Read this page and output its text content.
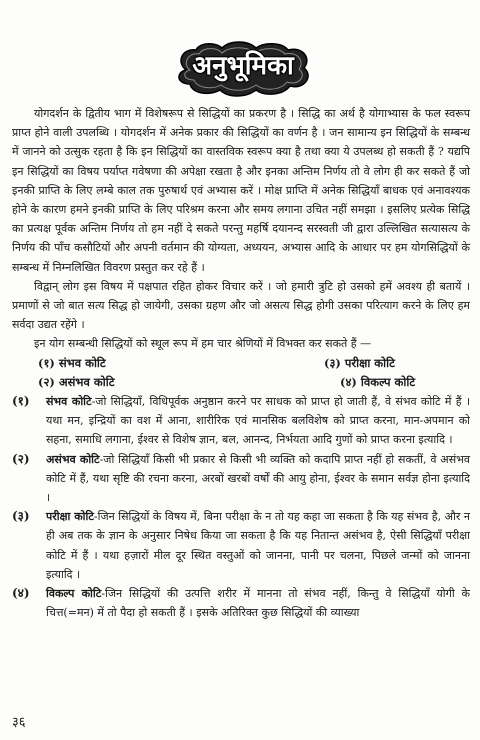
अनुभूमिका

योगदर्शन के द्वितीय भाग में विशेषरूप से सिद्धियों का प्रकरण है । सिद्धि का अर्थ है योगाभ्यास के फल स्वरूप प्राप्त होने वाली उपलब्धि । योगदर्शन में अनेक प्रकार की सिद्धियों का वर्णन है । जन सामान्य इन सिद्धियों के सम्बन्ध में जानने को उत्सुक रहता है कि इन सिद्धियों का वास्तविक स्वरूप क्या है तथा क्या ये उपलब्ध हो सकती हैं ? यद्यपि इन सिद्धियों का विषय पर्याप्त गवेषणा की अपेक्षा रखता है और इनका अन्तिम निर्णय तो वे लोग ही कर सकते हैं जो इनकी प्राप्ति के लिए लम्बे काल तक पुरुषार्थ एवं अभ्यास करें । मोक्ष प्राप्ति में अनेक सिद्धियाँ बाधक एवं अनावश्यक होने के कारण हमने इनकी प्राप्ति के लिए परिश्रम करना और समय लगाना उचित नहीं समझा । इसलिए प्रत्येक सिद्धि का प्रत्यक्ष पूर्वक अन्तिम निर्णय तो हम नहीं दे सकते परन्तु महर्षि दयानन्द सरस्वती जी द्वारा उल्लिखित सत्यासत्य के निर्णय की पाँच कसौटियों और अपनी वर्तमान की योग्यता, अध्ययन, अभ्यास आदि के आधार पर हम योगसिद्धियों के सम्बन्ध में निम्नलिखित विवरण प्रस्तुत कर रहे हैं ।

विद्वान् लोग इस विषय में पक्षपात रहित होकर विचार करें । जो हमारी त्रुटि हो उसको हमें अवश्य ही बतायें । प्रमाणों से जो बात सत्य सिद्ध हो जायेगी, उसका ग्रहण और जो असत्य सिद्ध होगी उसका परित्याग करने के लिए हम सर्वदा उद्यत रहेंगे ।

इन योग सम्बन्धी सिद्धियों को स्थूल रूप में हम चार श्रेणियों में विभक्त कर सकते हैं —

(१) संभव कोटि	(३) परीक्षा कोटि
(२) असंभव कोटि	(४) विकल्प कोटि
(१)	संभव कोटि-जो सिद्धियाँ, विधिपूर्वक अनुष्ठान करने पर साधक को प्राप्त हो जाती हैं, वे संभव कोटि में हैं । यथा मन, इन्द्रियों का वश में आना, शारीरिक एवं मानसिक बलविशेष को प्राप्त करना, मान-अपमान को सहना, समाधि लगाना, ईश्वर से विशेष ज्ञान, बल, आनन्द, निर्भयता आदि गुणों को प्राप्त करना इत्यादि ।

(२)	असंभव कोटि-जो सिद्धियाँ किसी भी प्रकार से किसी भी व्यक्ति को कदापि प्राप्त नहीं हो सकतीं, वे असंभव कोटि में हैं, यथा सृष्टि की रचना करना, अरबों खरबों वर्षों की आयु होना, ईश्वर के समान सर्वज्ञ होना इत्यादि ।

(३)	परीक्षा कोटि-जिन सिद्धियों के विषय में, बिना परीक्षा के न तो यह कहा जा सकता है कि यह संभव है, और न ही अब तक के ज्ञान के अनुसार निषेध किया जा सकता है कि यह नितान्त असंभव है, ऐसी सिद्धियाँ परीक्षा कोटि में हैं । यथा हज़ारों मील दूर स्थित वस्तुओं को जानना, पानी पर चलना, पिछले जन्मों को जानना इत्यादि ।

(४)	विकल्प कोटि-जिन सिद्धियों की उत्पत्ति शरीर में मानना तो संभव नहीं, किन्तु वे सिद्धियाँ योगी के चित्त(=मन) में तो पैदा हो सकती हैं । इसके अतिरिक्त कुछ सिद्धियों की व्याख्या

३६
